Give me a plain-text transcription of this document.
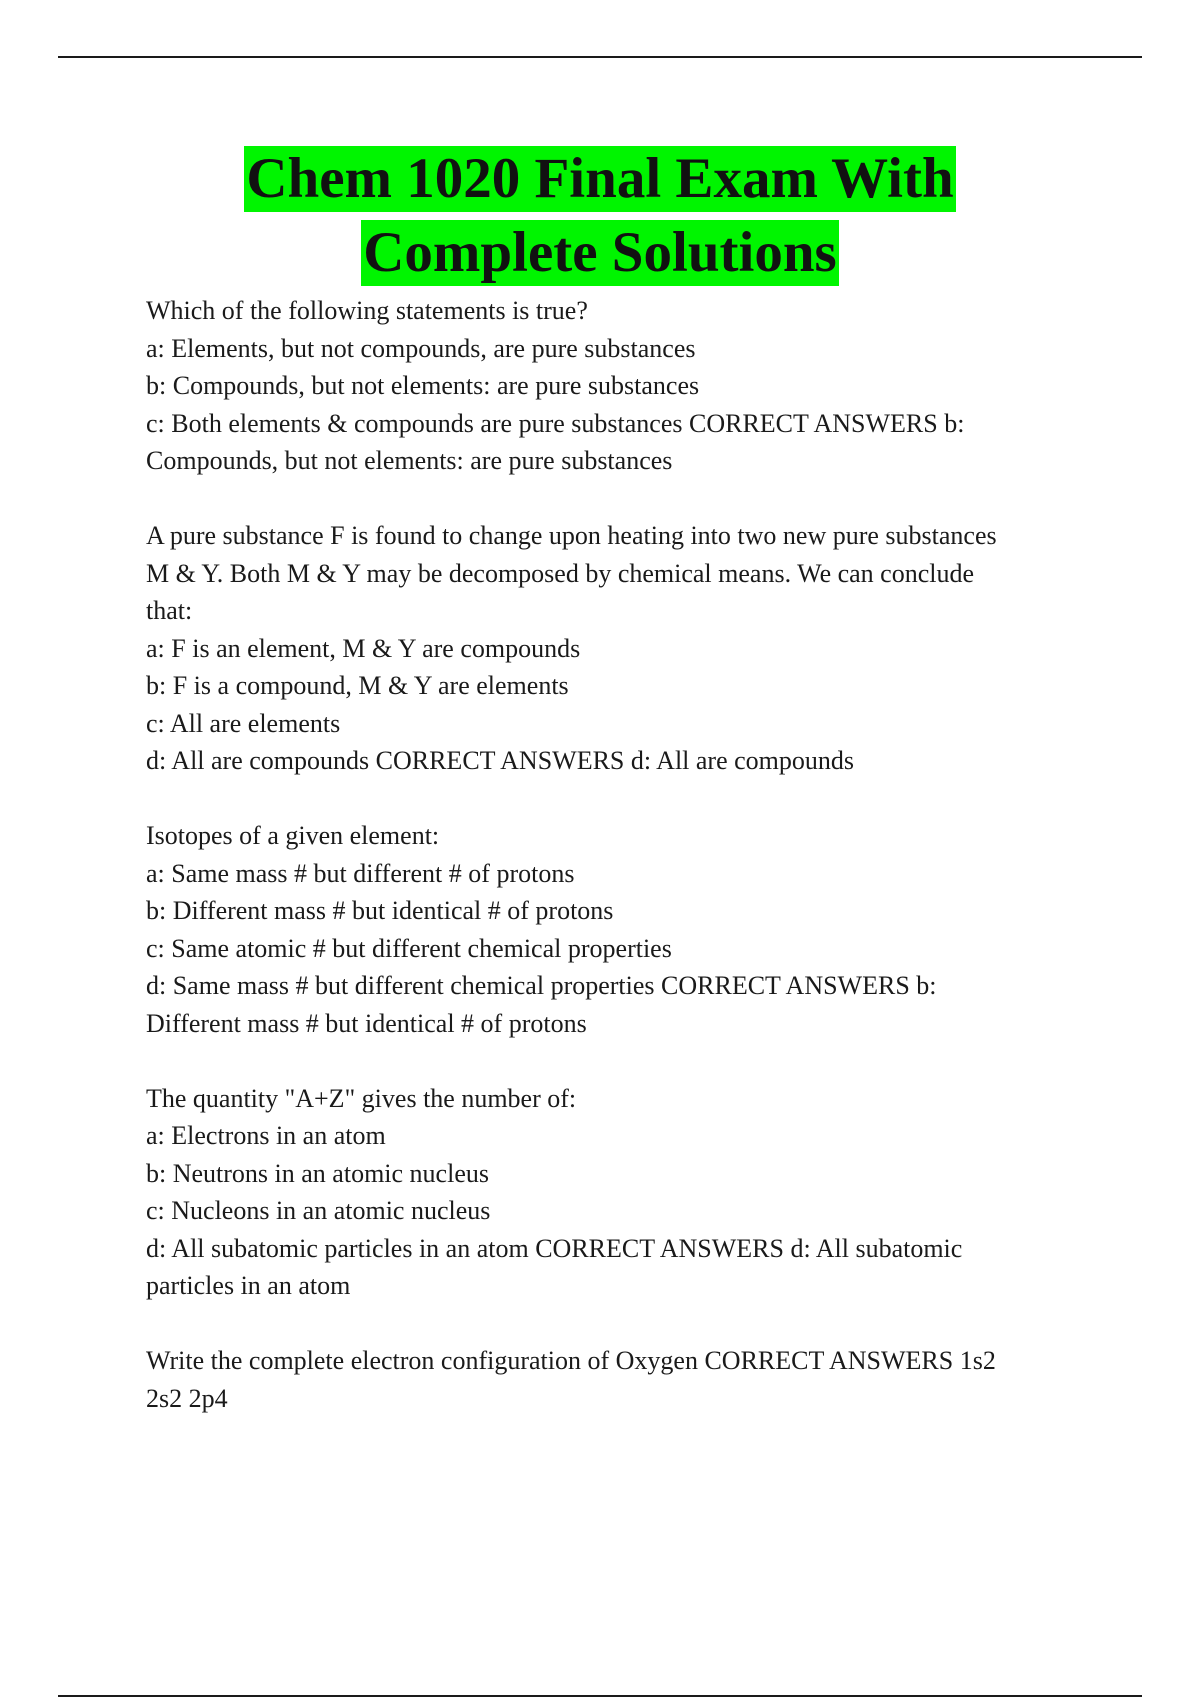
Chem 1020 Final Exam With
Complete Solutions
Which of the following statements is true?
a: Elements, but not compounds, are pure substances
b: Compounds, but not elements: are pure substances
c: Both elements & compounds are pure substances CORRECT ANSWERS b:
Compounds, but not elements: are pure substances
A pure substance F is found to change upon heating into two new pure substances
M & Y. Both M & Y may be decomposed by chemical means. We can conclude
that:
a: F is an element, M & Y are compounds
b: F is a compound, M & Y are elements
c: All are elements
d: All are compounds CORRECT ANSWERS d: All are compounds
Isotopes of a given element:
a: Same mass # but different # of protons
b: Different mass # but identical # of protons
c: Same atomic # but different chemical properties
d: Same mass # but different chemical properties CORRECT ANSWERS b:
Different mass # but identical # of protons
The quantity "A+Z" gives the number of:
a: Electrons in an atom
b: Neutrons in an atomic nucleus
c: Nucleons in an atomic nucleus
d: All subatomic particles in an atom CORRECT ANSWERS d: All subatomic
particles in an atom
Write the complete electron configuration of Oxygen CORRECT ANSWERS 1s2
2s2 2p4
